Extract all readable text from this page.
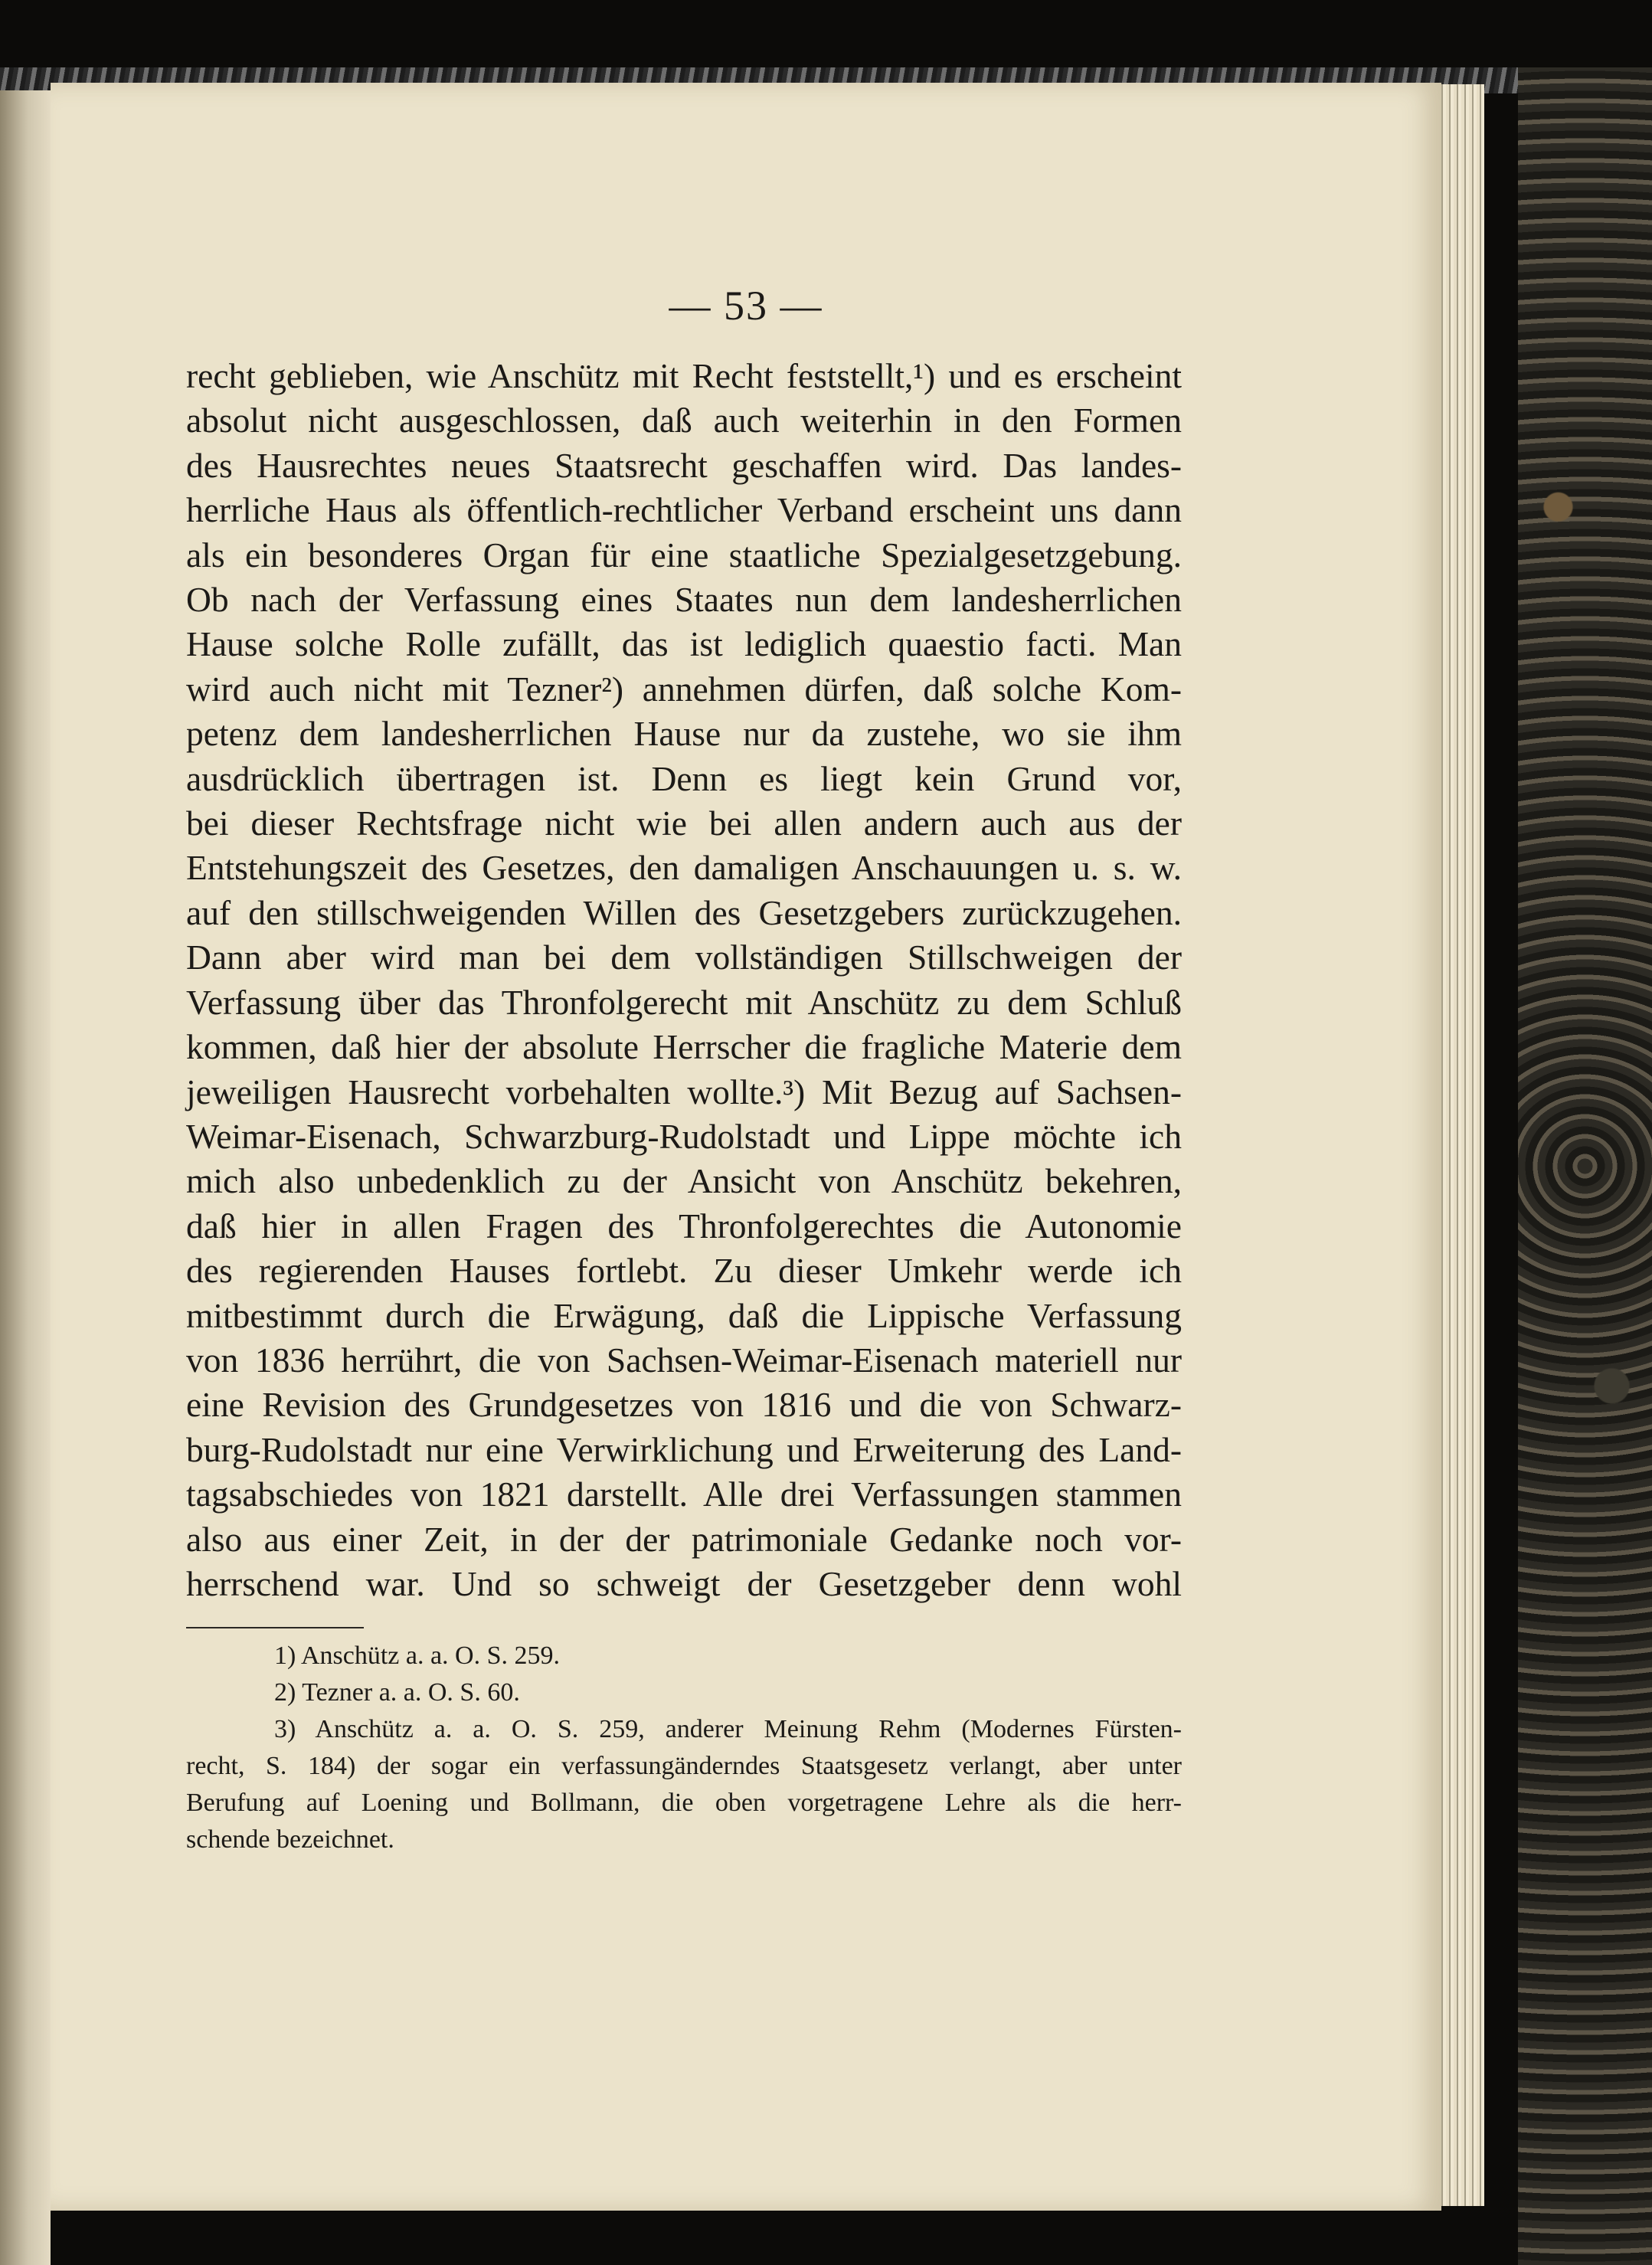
— 53 —
recht geblieben, wie Anschütz mit Recht feststellt,¹) und es erscheint
absolut nicht ausgeschlossen, daß auch weiterhin in den Formen
des Hausrechtes neues Staatsrecht geschaffen wird. Das landes-
herrliche Haus als öffentlich-rechtlicher Verband erscheint uns dann
als ein besonderes Organ für eine staatliche Spezialgesetzgebung.
Ob nach der Verfassung eines Staates nun dem landesherrlichen
Hause solche Rolle zufällt, das ist lediglich quaestio facti. Man
wird auch nicht mit Tezner²) annehmen dürfen, daß solche Kom-
petenz dem landesherrlichen Hause nur da zustehe, wo sie ihm
ausdrücklich übertragen ist. Denn es liegt kein Grund vor,
bei dieser Rechtsfrage nicht wie bei allen andern auch aus der
Entstehungszeit des Gesetzes, den damaligen Anschauungen u. s. w.
auf den stillschweigenden Willen des Gesetzgebers zurückzugehen.
Dann aber wird man bei dem vollständigen Stillschweigen der
Verfassung über das Thronfolgerecht mit Anschütz zu dem Schluß
kommen, daß hier der absolute Herrscher die fragliche Materie dem
jeweiligen Hausrecht vorbehalten wollte.³) Mit Bezug auf Sachsen-
Weimar-Eisenach, Schwarzburg-Rudolstadt und Lippe möchte ich
mich also unbedenklich zu der Ansicht von Anschütz bekehren,
daß hier in allen Fragen des Thronfolgerechtes die Autonomie
des regierenden Hauses fortlebt. Zu dieser Umkehr werde ich
mitbestimmt durch die Erwägung, daß die Lippische Verfassung
von 1836 herrührt, die von Sachsen-Weimar-Eisenach materiell nur
eine Revision des Grundgesetzes von 1816 und die von Schwarz-
burg-Rudolstadt nur eine Verwirklichung und Erweiterung des Land-
tagsabschiedes von 1821 darstellt. Alle drei Verfassungen stammen
also aus einer Zeit, in der der patrimoniale Gedanke noch vor-
herrschend war. Und so schweigt der Gesetzgeber denn wohl
1) Anschütz a. a. O. S. 259.
2) Tezner a. a. O. S. 60.
3) Anschütz a. a. O. S. 259, anderer Meinung Rehm (Modernes Fürsten-
recht, S. 184) der sogar ein verfassungänderndes Staatsgesetz verlangt, aber unter
Berufung auf Loening und Bollmann, die oben vorgetragene Lehre als die herr-
schende bezeichnet.
